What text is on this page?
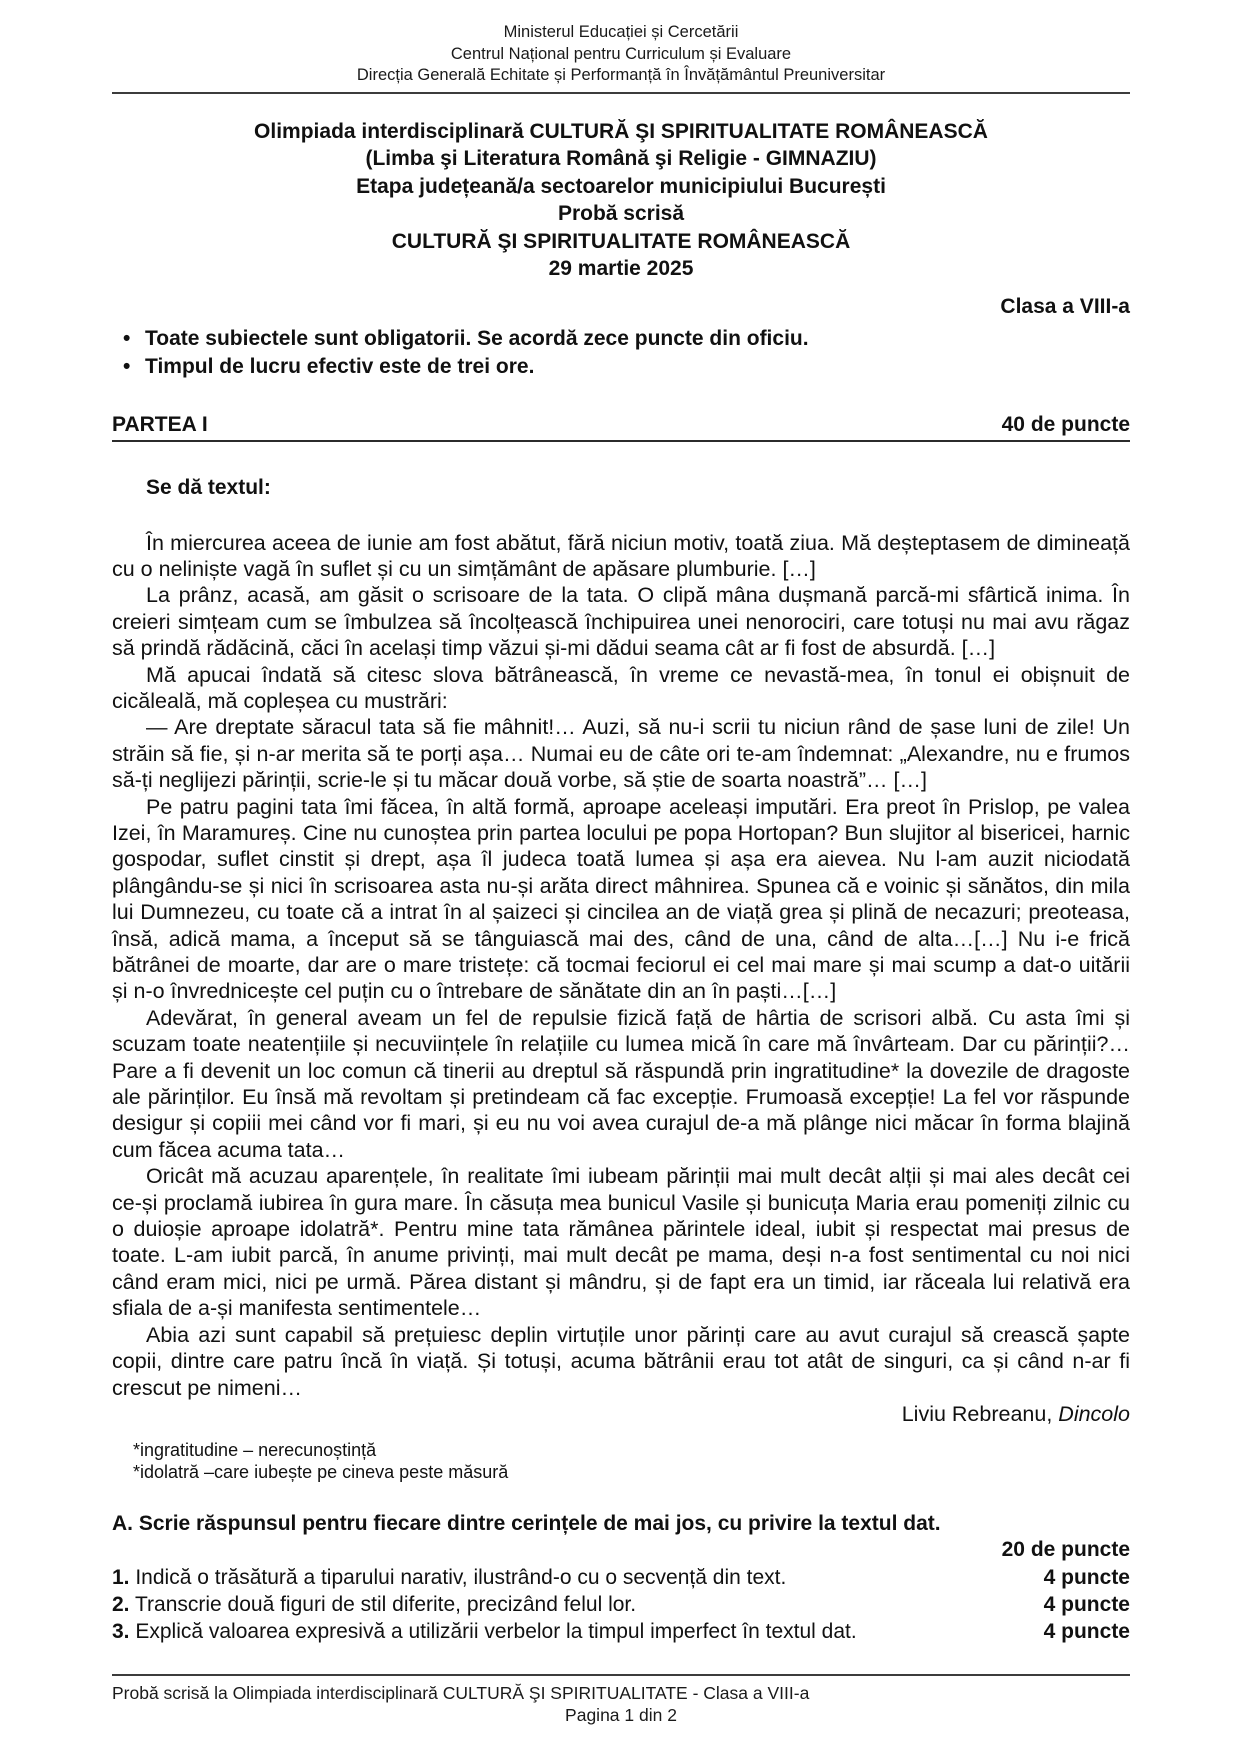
Ministerul Educației și Cercetării
Centrul Național pentru Curriculum și Evaluare
Direcția Generală Echitate și Performanță în Învățământul Preuniversitar
Olimpiada interdisciplinară CULTURĂ ŞI SPIRITUALITATE ROMÂNEASCĂ
(Limba şi Literatura Română şi Religie - GIMNAZIU)
Etapa județeană/a sectoarelor municipiului București
Probă scrisă
CULTURĂ ŞI SPIRITUALITATE ROMÂNEASCĂ
29 martie 2025
Clasa a VIII-a
• Toate subiectele sunt obligatorii. Se acordă zece puncte din oficiu.
• Timpul de lucru efectiv este de trei ore.
PARTEA I	40 de puncte
Se dă textul:

În miercurea aceea de iunie am fost abătut, fără niciun motiv, toată ziua. Mă deșteptasem de dimineață cu o neliniște vagă în suflet și cu un simțământ de apăsare plumburie. […]

La prânz, acasă, am găsit o scrisoare de la tata. O clipă mâna dușmană parcă-mi sfârtică inima. În creieri simțeam cum se îmbulzea să încolțească închipuirea unei nenorociri, care totuși nu mai avu răgaz să prindă rădăcină, căci în același timp văzui și-mi dădui seama cât ar fi fost de absurdă. […]

Mă apucai îndată să citesc slova bătrânească, în vreme ce nevastă-mea, în tonul ei obișnuit de cicăleală, mă copleșea cu mustrări:

— Are dreptate săracul tata să fie mâhnit!… Auzi, să nu-i scrii tu niciun rând de șase luni de zile! Un străin să fie, și n-ar merita să te porți așa… Numai eu de câte ori te-am îndemnat: „Alexandre, nu e frumos să-ți neglijezi părinții, scrie-le și tu măcar două vorbe, să știe de soarta noastră”… […]

Pe patru pagini tata îmi făcea, în altă formă, aproape aceleași imputări. Era preot în Prislop, pe valea Izei, în Maramureș. Cine nu cunoștea prin partea locului pe popa Hortopan? Bun slujitor al bisericei, harnic gospodar, suflet cinstit și drept, așa îl judeca toată lumea și așa era aievea. Nu l-am auzit niciodată plângându-se și nici în scrisoarea asta nu-și arăta direct mâhnirea. Spunea că e voinic și sănătos, din mila lui Dumnezeu, cu toate că a intrat în al șaizeci și cincilea an de viață grea și plină de necazuri; preoteasa, însă, adică mama, a început să se tânguiască mai des, când de una, când de alta…[…] Nu i-e frică bătrânei de moarte, dar are o mare tristețe: că tocmai feciorul ei cel mai mare și mai scump a dat-o uitării și n-o învrednicește cel puțin cu o întrebare de sănătate din an în paști…[…]

Adevărat, în general aveam un fel de repulsie fizică față de hârtia de scrisori albă. Cu asta îmi și scuzam toate neatențiile și necuviințele în relațiile cu lumea mică în care mă învârteam. Dar cu părinții?… Pare a fi devenit un loc comun că tinerii au dreptul să răspundă prin ingratitudine* la dovezile de dragoste ale părinților. Eu însă mă revoltam și pretindeam că fac excepție. Frumoasă excepție! La fel vor răspunde desigur și copiii mei când vor fi mari, și eu nu voi avea curajul de-a mă plânge nici măcar în forma blajină cum făcea acuma tata…

Oricât mă acuzau aparențele, în realitate îmi iubeam părinții mai mult decât alții și mai ales decât cei ce-și proclamă iubirea în gura mare. În căsuța mea bunicul Vasile și bunicuța Maria erau pomeniți zilnic cu o duioșie aproape idolatră*. Pentru mine tata rămânea părintele ideal, iubit și respectat mai presus de toate. L-am iubit parcă, în anume privinți, mai mult decât pe mama, deși n-a fost sentimental cu noi nici când eram mici, nici pe urmă. Părea distant și mândru, și de fapt era un timid, iar răceala lui relativă era sfiala de a-și manifesta sentimentele…

Abia azi sunt capabil să prețuiesc deplin virtuțile unor părinți care au avut curajul să crească șapte copii, dintre care patru încă în viață. Și totuși, acuma bătrânii erau tot atât de singuri, ca și când n-ar fi crescut pe nimeni…

Liviu Rebreanu, Dincolo
*ingratitudine – nerecunoștință
*idolatră –care iubește pe cineva peste măsură
A. Scrie răspunsul pentru fiecare dintre cerințele de mai jos, cu privire la textul dat.
20 de puncte
1. Indică o trăsătură a tiparului narativ, ilustrând-o cu o secvență din text.	4 puncte
2. Transcrie două figuri de stil diferite, precizând felul lor.	4 puncte
3. Explică valoarea expresivă a utilizării verbelor la timpul imperfect în textul dat.	4 puncte
Probă scrisă la Olimpiada interdisciplinară CULTURĂ ŞI SPIRITUALITATE - Clasa a VIII-a
Pagina 1 din 2
